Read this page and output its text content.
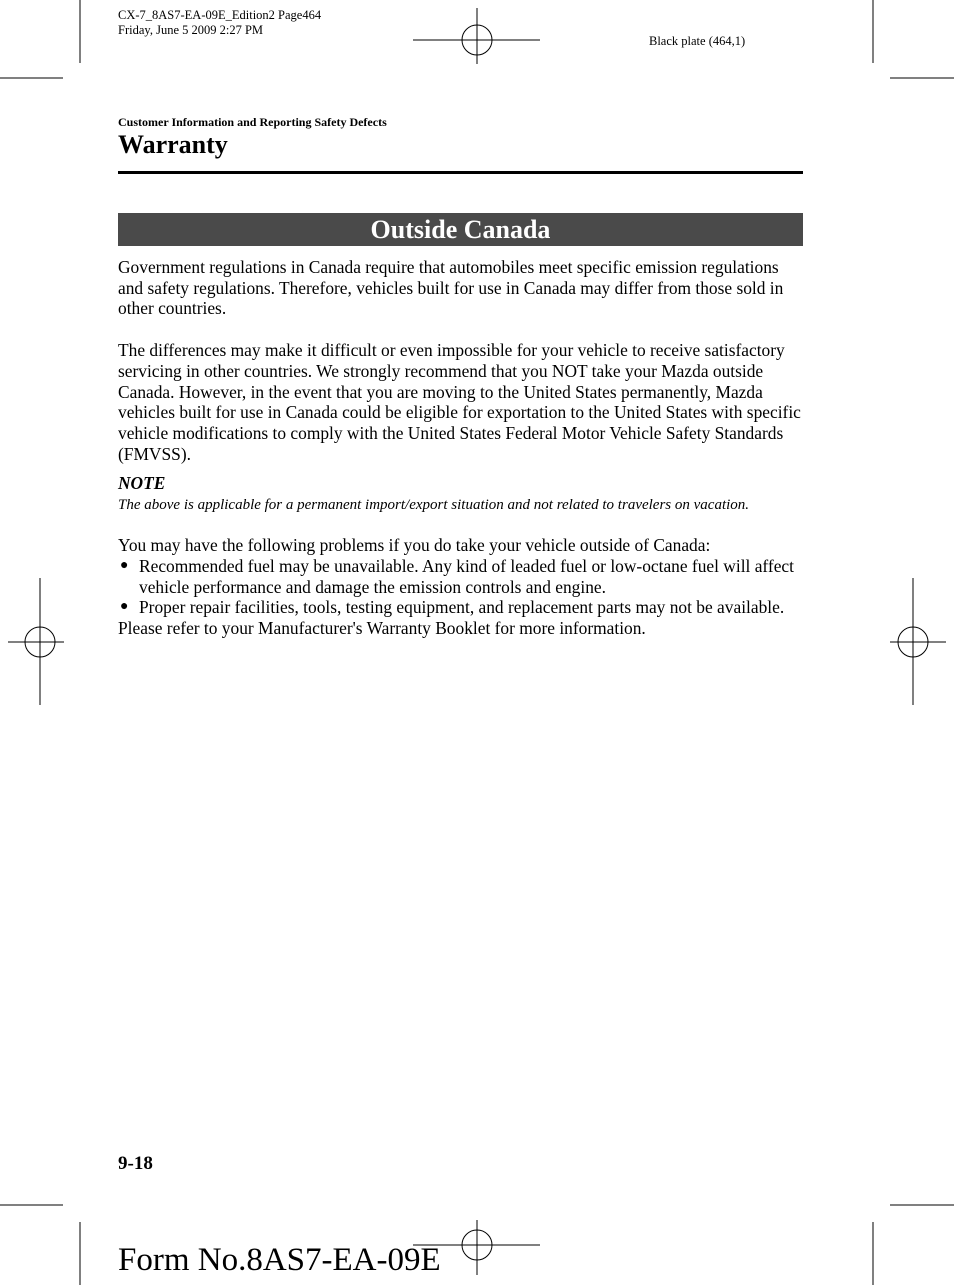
CX-7_8AS7-EA-09E_Edition2 Page464
Friday, June 5 2009 2:27 PM
Black plate (464,1)
Customer Information and Reporting Safety Defects
Warranty
Outside Canada

Government regulations in Canada require that automobiles meet specific emission regulations and safety regulations. Therefore, vehicles built for use in Canada may differ from those sold in other countries.

The differences may make it difficult or even impossible for your vehicle to receive satisfactory servicing in other countries. We strongly recommend that you NOT take your Mazda outside Canada. However, in the event that you are moving to the United States permanently, Mazda vehicles built for use in Canada could be eligible for exportation to the United States with specific vehicle modifications to comply with the United States Federal Motor Vehicle Safety Standards (FMVSS).

NOTE

The above is applicable for a permanent import/export situation and not related to travelers on vacation.

You may have the following problems if you do take your vehicle outside of Canada:

● Recommended fuel may be unavailable. Any kind of leaded fuel or low-octane fuel will affect vehicle performance and damage the emission controls and engine.
● Proper repair facilities, tools, testing equipment, and replacement parts may not be available.

Please refer to your Manufacturer's Warranty Booklet for more information.

9-18
Form No.8AS7-EA-09E
